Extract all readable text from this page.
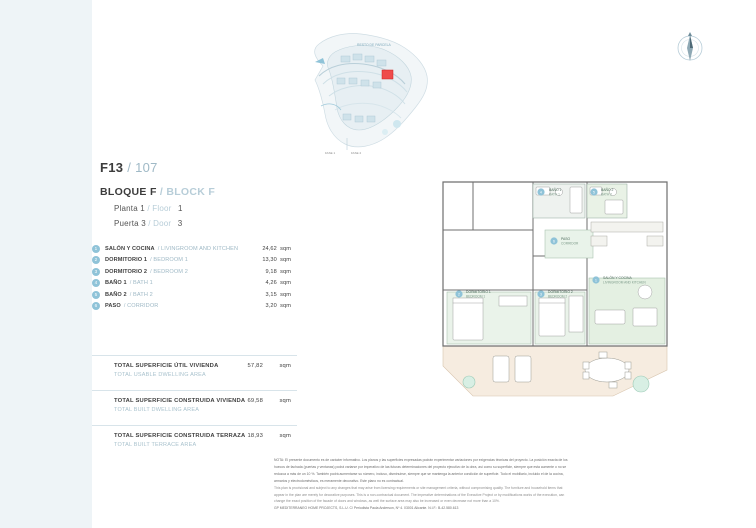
F13 / 107
BLOQUE F / BLOCK F
Planta 1 / Floor 1
Puerta 3 / Door 3
1	SALÓN Y COCINA / LIVINGROOM AND KITCHEN	24,62 sqm
2	DORMITORIO 1 / BEDROOM 1	13,30 sqm
3	DORMITORIO 2 / BEDROOM 2	9,18 sqm
4	BAÑO 1 / BATH 1	4,26 sqm
5	BAÑO 2 / BATH 2	3,15 sqm
6	PASO / CORRIDOR	3,20 sqm
TOTAL SUPERFICIE ÚTIL VIVIENDA
TOTAL USABLE DWELLING AREA
57,82	sqm
TOTAL SUPERFICIE CONSTRUIDA VIVIENDA
TOTAL BUILT DWELLING AREA
69,58	sqm
TOTAL SUPERFICIE CONSTRUIDA TERRAZA
TOTAL BUILT TERRACE AREA
18,93	sqm
RESTO DE PARCELA
FASE 1	FASE 2
4
BAÑO 1
BATH 1	5
BAÑO 2
BATH 2
6
PASO
CORRIDOR
2
DORMITORIO 1
BEDROOM 1	3
DORMITORIO 2
BEDROOM 2
1
SALÓN Y COCINA
LIVINGROOM AND KITCHEN

NOTA: El presente documento es de carácter informativo. Los planos y las superficies expresadas podrán experimentar variaciones por exigencias técnicas del proyecto. La posición exacta de los

huecos de fachada (puertas y ventanas) podrá variarse por imperativo de las futuras determinaciones del proyecto ejecutivo de la obra, así como su superficie, siempre que esta aumente o no se

reduzca a más de un 10 %. También podrá aumentarse su número, incluso, disminuirse, siempre que se mantenga la anterior condición de superficie. Todo el mobiliario, incluido el de la cocina,

armarios y electrodomésticos, es meramente decorativo. Este plano no es contractual.

This plan is provisional and subject to any changes that may arise from licensing requirements or site management criteria, without compromising quality. The furniture and household items that

appear in the plan are merely for decorative purposes. This is a non-contractual document. The imperative determinations of the Executive Project or by modifications works of the execution, can

change the exact position of the facade of doors and windows, as well the surface area may also be increased or even decrease not more than a 10%.

GP MEDITERRANEO HOME PROJECTS, S.L.U. C/ Periodista Paula Anderson, Nº 4. 03001 Alicante. N.I.F.: B-42.580.613
